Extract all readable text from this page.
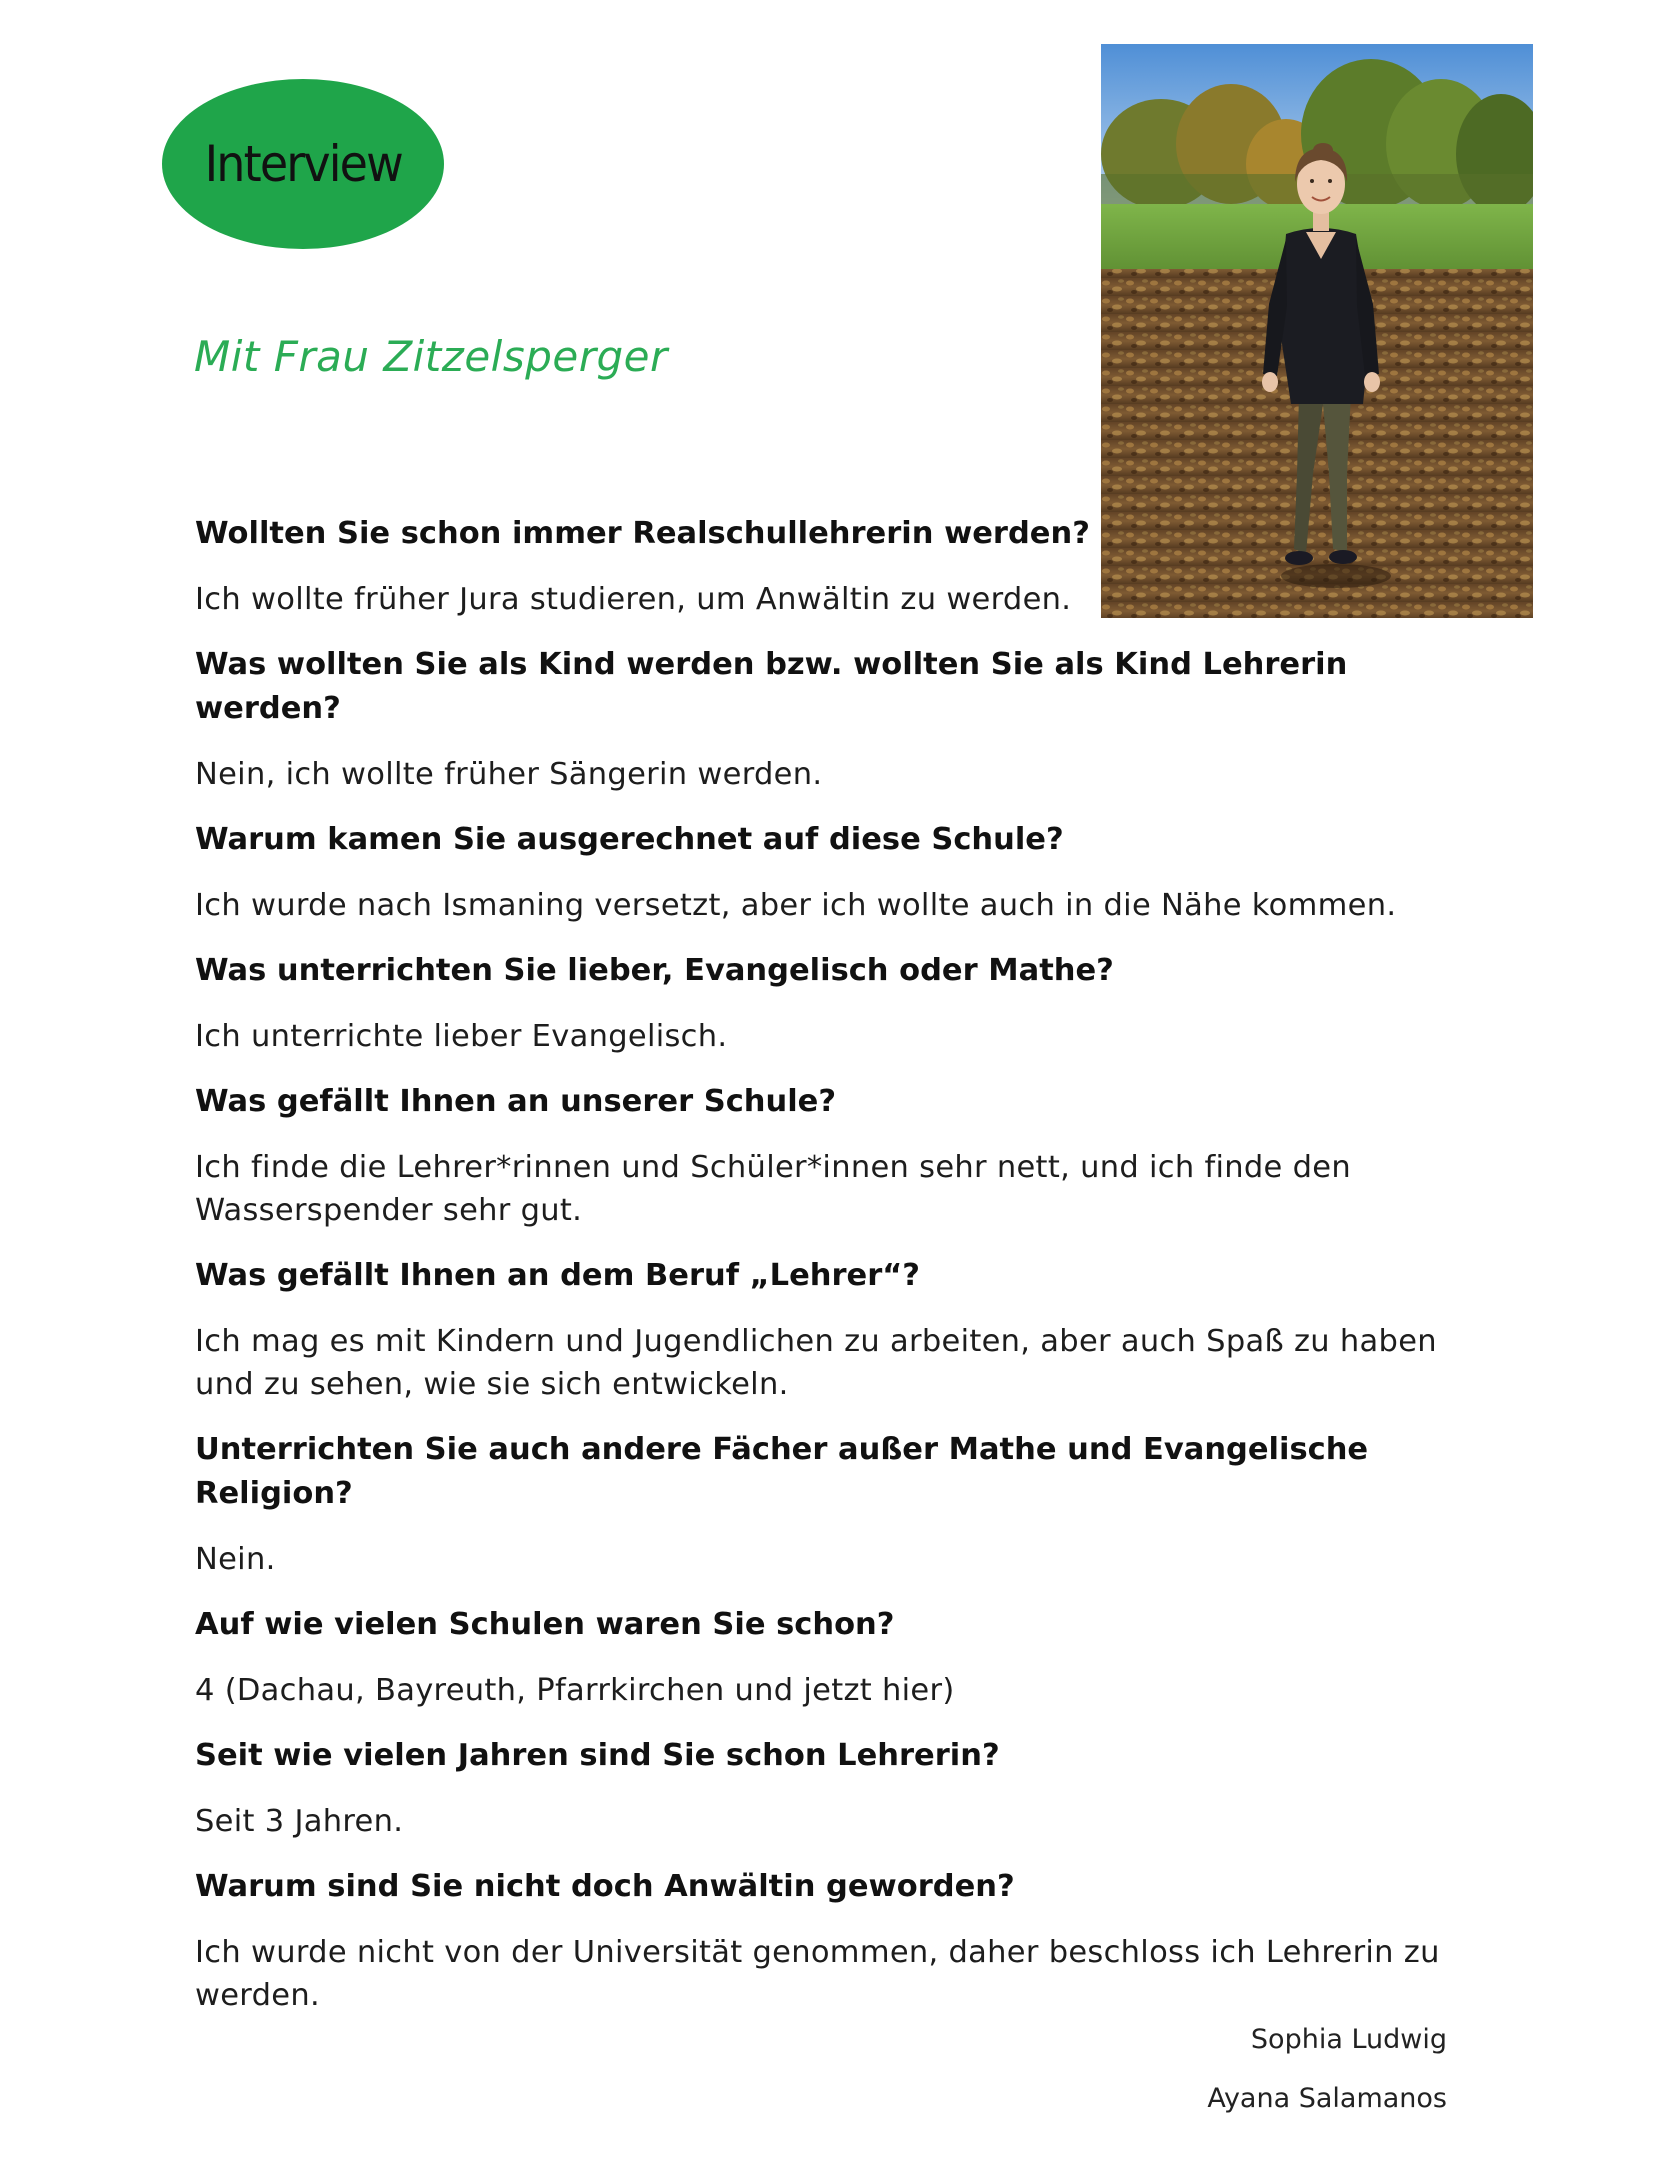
Interview
Mit Frau Zitzelsperger

Wollten Sie schon immer Realschullehrerin werden?

Ich wollte früher Jura studieren, um Anwältin zu werden.

Was wollten Sie als Kind werden bzw. wollten Sie als Kind Lehrerin werden?

Nein, ich wollte früher Sängerin werden.

Warum kamen Sie ausgerechnet auf diese Schule?

Ich wurde nach Ismaning versetzt, aber ich wollte auch in die Nähe kommen.

Was unterrichten Sie lieber, Evangelisch oder Mathe?

Ich unterrichte lieber Evangelisch.

Was gefällt Ihnen an unserer Schule?

Ich finde die Lehrer*rinnen und Schüler*innen sehr nett, und ich finde den Wasserspender sehr gut.

Was gefällt Ihnen an dem Beruf „Lehrer“?

Ich mag es mit Kindern und Jugendlichen zu arbeiten, aber auch Spaß zu haben und zu sehen, wie sie sich entwickeln.

Unterrichten Sie auch andere Fächer außer Mathe und Evangelische Religion?

Nein.

Auf wie vielen Schulen waren Sie schon?

4 (Dachau, Bayreuth, Pfarrkirchen und jetzt hier)

Seit wie vielen Jahren sind Sie schon Lehrerin?

Seit 3 Jahren.

Warum sind Sie nicht doch Anwältin geworden?

Ich wurde nicht von der Universität genommen, daher beschloss ich Lehrerin zu werden.

Sophia Ludwig
Ayana Salamanos
